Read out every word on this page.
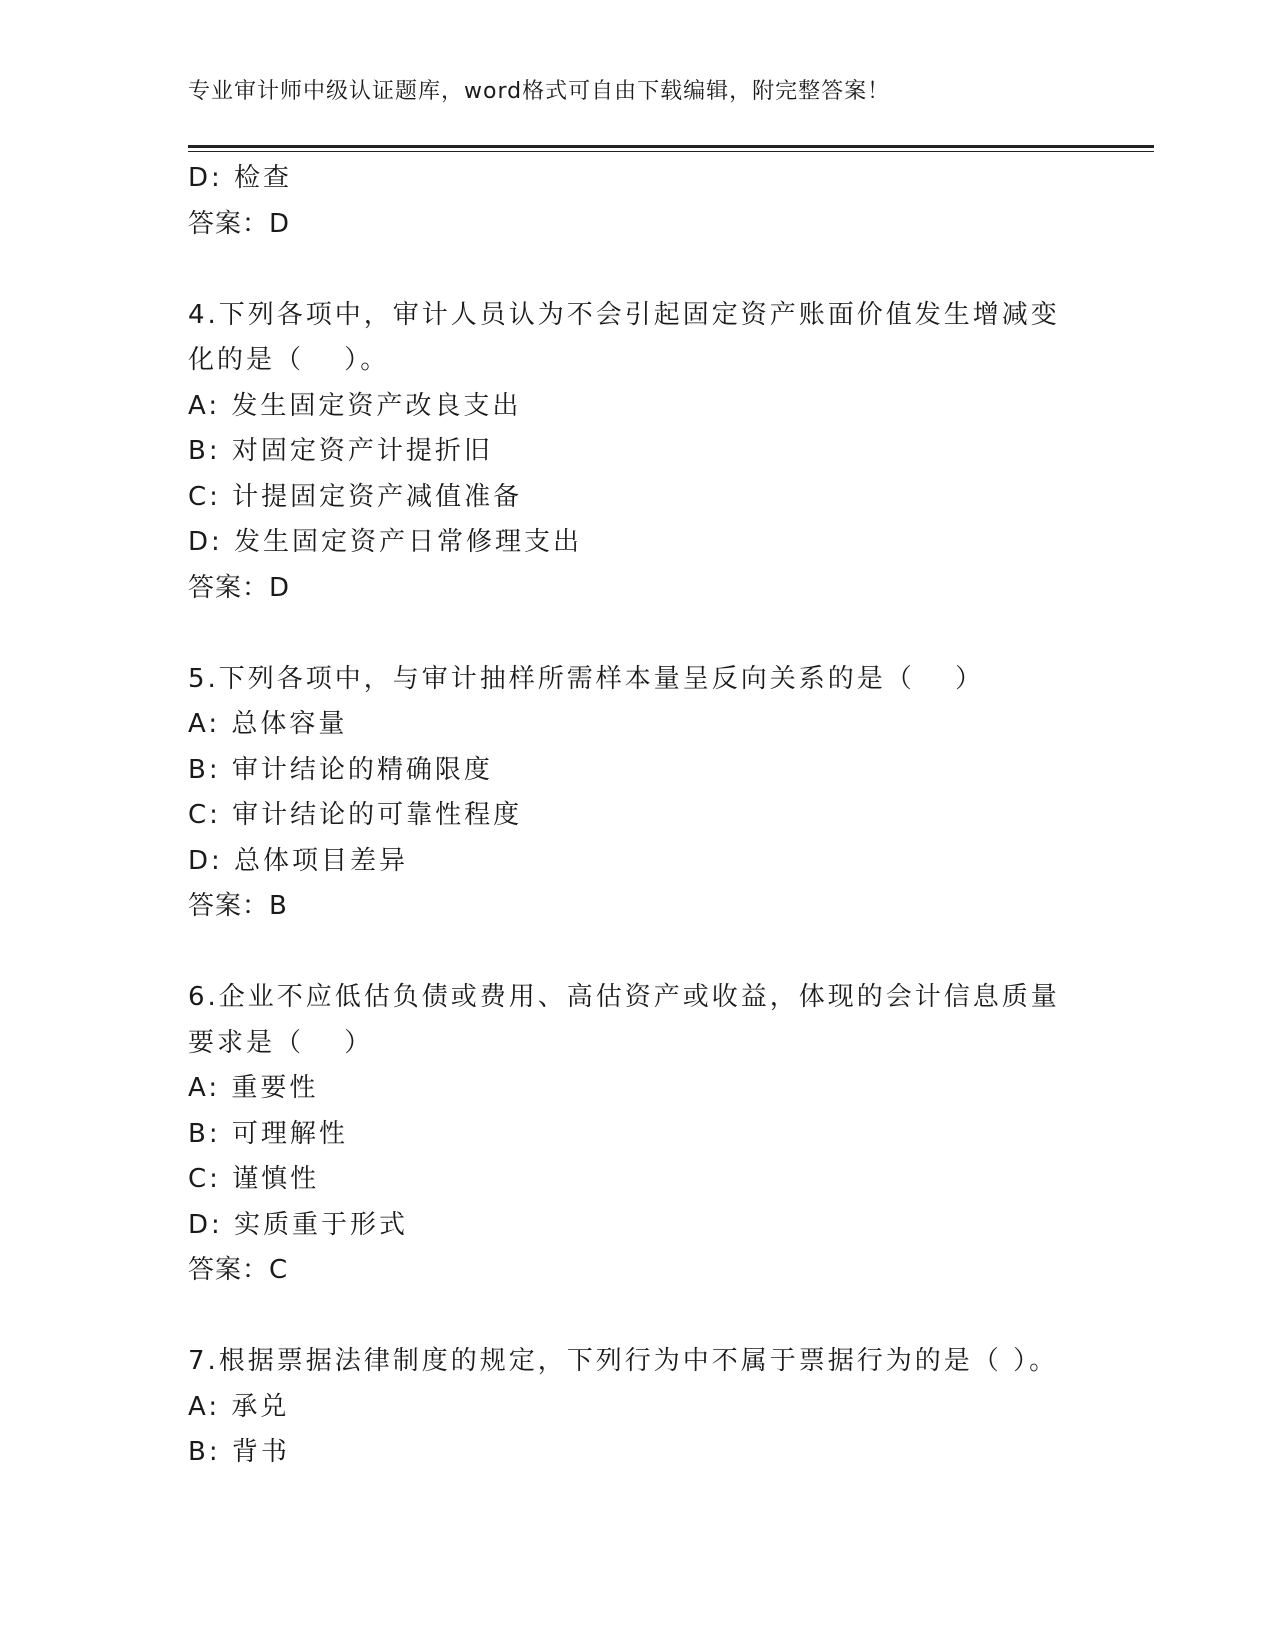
专业审计师中级认证题库，word格式可自由下载编辑，附完整答案！
D: 检查
答案：D
4.下列各项中，审计人员认为不会引起固定资产账面价值发生增减变
化的是（　 ）。
A: 发生固定资产改良支出
B: 对固定资产计提折旧
C: 计提固定资产减值准备
D: 发生固定资产日常修理支出
答案：D
5.下列各项中，与审计抽样所需样本量呈反向关系的是（　 ）
A: 总体容量
B: 审计结论的精确限度
C: 审计结论的可靠性程度
D: 总体项目差异
答案：B
6.企业不应低估负债或费用、高估资产或收益，体现的会计信息质量
要求是（　 ）
A: 重要性
B: 可理解性
C: 谨慎性
D: 实质重于形式
答案：C
7.根据票据法律制度的规定，下列行为中不属于票据行为的是（ ）。
A: 承兑
B: 背书
